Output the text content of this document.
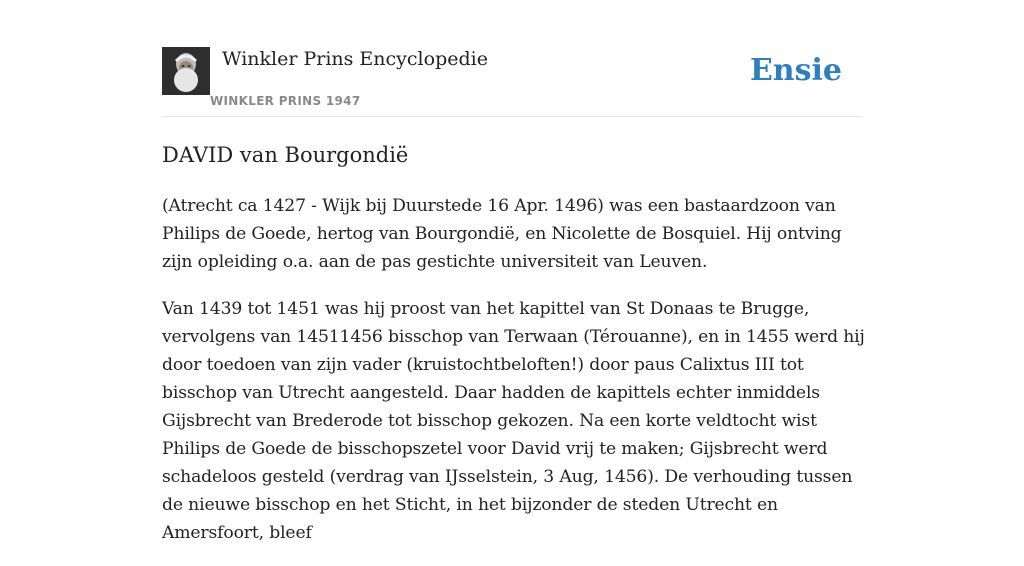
Winkler Prins Encyclopedie
WINKLER PRINS 1947
Ensie
DAVID van Bourgondië

(Atrecht ca 1427 - Wijk bij Duurstede 16 Apr. 1496) was een bastaardzoon van Philips de Goede, hertog van Bourgondië, en Nicolette de Bosquiel. Hij ontving zijn opleiding o.a. aan de pas gestichte universiteit van Leuven.

Van 1439 tot 1451 was hij proost van het kapittel van St Donaas te Brugge, vervolgens van 14511456 bisschop van Terwaan (Térouanne), en in 1455 werd hij door toedoen van zijn vader (kruistochtbeloften!) door paus Calixtus III tot bisschop van Utrecht aangesteld. Daar hadden de kapittels echter inmiddels Gijsbrecht van Brederode tot bisschop gekozen. Na een korte veldtocht wist Philips de Goede de bisschopszetel voor David vrij te maken; Gijsbrecht werd schadeloos gesteld (verdrag van IJsselstein, 3 Aug, 1456). De verhouding tussen de nieuwe bisschop en het Sticht, in het bijzonder de steden Utrecht en Amersfoort, bleef
